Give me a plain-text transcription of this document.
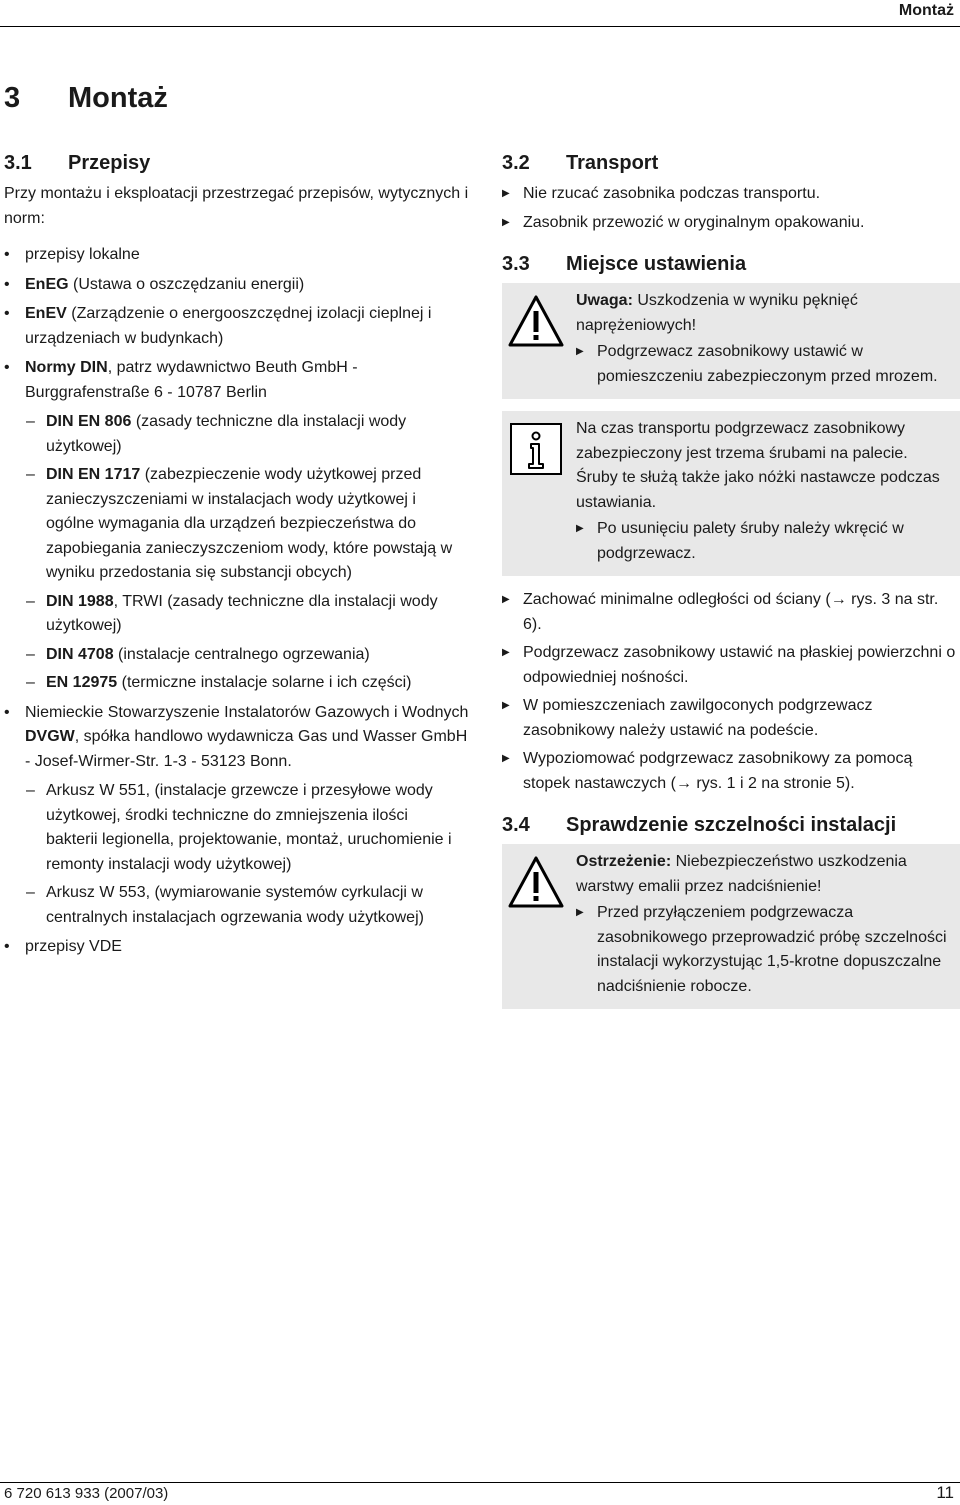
Montaż
3 Montaż
3.1 Przepisy

Przy montażu i eksploatacji przestrzegać przepisów, wytycznych i norm:

• przepisy lokalne
• EnEG (Ustawa o oszczędzaniu energii)
• EnEV (Zarządzenie o energooszczędnej izolacji cieplnej i urządzeniach w budynkach)
• Normy DIN, patrz wydawnictwo Beuth GmbH - Burggrafenstraße 6 - 10787 Berlin
– DIN EN 806 (zasady techniczne dla instalacji wody użytkowej)
– DIN EN 1717 (zabezpieczenie wody użytkowej przed zanieczyszczeniami w instalacjach wody użytkowej i ogólne wymagania dla urządzeń bezpieczeństwa do zapobiegania zanieczyszczeniom wody, które powstają w wyniku przedostania się substancji obcych)
– DIN 1988, TRWI (zasady techniczne dla instalacji wody użytkowej)
– DIN 4708 (instalacje centralnego ogrzewania)
– EN 12975 (termiczne instalacje solarne i ich części)
• Niemieckie Stowarzyszenie Instalatorów Gazowych i Wodnych DVGW, spółka handlowo wydawnicza Gas und Wasser GmbH - Josef-Wirmer-Str. 1-3 - 53123 Bonn.
– Arkusz W 551, (instalacje grzewcze i przesyłowe wody użytkowej, środki techniczne do zmniejszenia ilości bakterii legionella, projektowanie, montaż, uruchomienie i remonty instalacji wody użytkowej)
– Arkusz W 553, (wymiarowanie systemów cyrkulacji w centralnych instalacjach ogrzewania wody użytkowej)
• przepisy VDE
3.2 Transport
▶ Nie rzucać zasobnika podczas transportu.
▶ Zasobnik przewozić w oryginalnym opakowaniu.
3.3 Miejsce ustawienia

Uwaga: Uszkodzenia w wyniku pęknięć naprężeniowych!

▶ Podgrzewacz zasobnikowy ustawić w pomieszczeniu zabezpieczonym przed mrozem.

Na czas transportu podgrzewacz zasobnikowy zabezpieczony jest trzema śrubami na palecie. Śruby te służą także jako nóżki nastawcze podczas ustawiania.

▶ Po usunięciu palety śruby należy wkręcić w podgrzewacz.
▶ Zachować minimalne odległości od ściany (→ rys. 3 na str. 6).
▶ Podgrzewacz zasobnikowy ustawić na płaskiej powierzchni o odpowiedniej nośności.
▶ W pomieszczeniach zawilgoconych podgrzewacz zasobnikowy należy ustawić na podeście.
▶ Wypoziomować podgrzewacz zasobnikowy za pomocą stopek nastawczych (→ rys. 1 i 2 na stronie 5).
3.4 Sprawdzenie szczelności instalacji

Ostrzeżenie: Niebezpieczeństwo uszkodzenia warstwy emalii przez nadciśnienie!

▶ Przed przyłączeniem podgrzewacza zasobnikowego przeprowadzić próbę szczelności instalacji wykorzystując 1,5-krotne dopuszczalne nadciśnienie robocze.
6 720 613 933 (2007/03)	11
